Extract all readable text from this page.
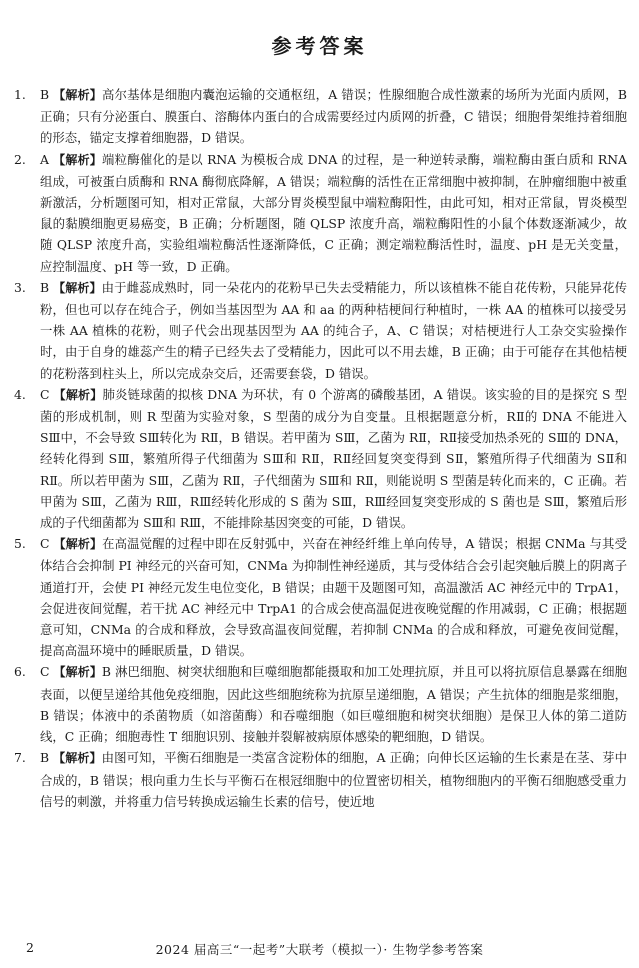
参考答案

1. B 【解析】高尔基体是细胞内囊泡运输的交通枢纽，A 错误；性腺细胞合成性激素的场所为光面内质网，B 正确；只有分泌蛋白、膜蛋白、溶酶体内蛋白的合成需要经过内质网的折叠，C 错误；细胞骨架维持着细胞的形态，锚定支撑着细胞器，D 错误。

2. A 【解析】端粒酶催化的是以 RNA 为模板合成 DNA 的过程，是一种逆转录酶，端粒酶由蛋白质和 RNA 组成，可被蛋白质酶和 RNA 酶彻底降解，A 错误；端粒酶的活性在正常细胞中被抑制，在肿瘤细胞中被重新激活，分析题图可知，相对正常鼠，大部分胃炎模型鼠中端粒酶阳性，由此可知，相对正常鼠，胃炎模型鼠的黏膜细胞更易癌变，B 正确；分析题图，随 QLSP 浓度升高，端粒酶阳性的小鼠个体数逐渐减少，故随 QLSP 浓度升高，实验组端粒酶活性逐渐降低，C 正确；测定端粒酶活性时，温度、pH 是无关变量，应控制温度、pH 等一致，D 正确。

3. B 【解析】由于雌蕊成熟时，同一朵花内的花粉早已失去受精能力，所以该植株不能自花传粉，只能异花传粉，但也可以存在纯合子，例如当基因型为 AA 和 aa 的两种桔梗间行种植时，一株 AA 的植株可以接受另一株 AA 植株的花粉，则子代会出现基因型为 AA 的纯合子，A、C 错误；对桔梗进行人工杂交实验操作时，由于自身的雄蕊产生的精子已经失去了受精能力，因此可以不用去雄，B 正确；由于可能存在其他桔梗的花粉落到柱头上，所以完成杂交后，还需要套袋，D 错误。

4. C 【解析】肺炎链球菌的拟核 DNA 为环状，有 0 个游离的磷酸基团，A 错误。该实验的目的是探究 S 型菌的形成机制，则 R 型菌为实验对象，S 型菌的成分为自变量。且根据题意分析，RⅡ的 DNA 不能进入 SⅢ中，不会导致 SⅢ转化为 RⅡ，B 错误。若甲菌为 SⅢ，乙菌为 RⅡ，RⅡ接受加热杀死的 SⅢ的 DNA，经转化得到 SⅢ，繁殖所得子代细菌为 SⅢ和 RⅡ，RⅡ经回复突变得到 SⅡ，繁殖所得子代细菌为 SⅡ和 RⅡ。所以若甲菌为 SⅢ，乙菌为 RⅡ，子代细菌为 SⅢ和 RⅡ，则能说明 S 型菌是转化而来的，C 正确。若甲菌为 SⅢ，乙菌为 RⅢ，RⅢ经转化形成的 S 菌为 SⅢ，RⅢ经回复突变形成的 S 菌也是 SⅢ，繁殖后形成的子代细菌都为 SⅢ和 RⅢ，不能排除基因突变的可能，D 错误。

5. C 【解析】在高温觉醒的过程中即在反射弧中，兴奋在神经纤维上单向传导，A 错误；根据 CNMa 与其受体结合会抑制 PI 神经元的兴奋可知，CNMa 为抑制性神经递质，其与受体结合会引起突触后膜上的阴离子通道打开，会使 PI 神经元发生电位变化，B 错误；由题干及题图可知，高温激活 AC 神经元中的 TrpA1，会促进夜间觉醒，若干扰 AC 神经元中 TrpA1 的合成会使高温促进夜晚觉醒的作用减弱，C 正确；根据题意可知，CNMa 的合成和释放，会导致高温夜间觉醒，若抑制 CNMa 的合成和释放，可避免夜间觉醒，提高高温环境中的睡眠质量，D 错误。

6. C 【解析】B 淋巴细胞、树突状细胞和巨噬细胞都能摄取和加工处理抗原，并且可以将抗原信息暴露在细胞表面，以便呈递给其他免疫细胞，因此这些细胞统称为抗原呈递细胞，A 错误；产生抗体的细胞是浆细胞，B 错误；体液中的杀菌物质（如溶菌酶）和吞噬细胞（如巨噬细胞和树突状细胞）是保卫人体的第二道防线，C 正确；细胞毒性 T 细胞识别、接触并裂解被病原体感染的靶细胞，D 错误。

7. B 【解析】由图可知，平衡石细胞是一类富含淀粉体的细胞，A 正确；向伸长区运输的生长素是在茎、芽中合成的，B 错误；根向重力生长与平衡石在根冠细胞中的位置密切相关，植物细胞内的平衡石细胞感受重力信号的刺激，并将重力信号转换成运输生长素的信号，使近地

2	2024 届高三“一起考”大联考（模拟一）· 生物学参考答案
